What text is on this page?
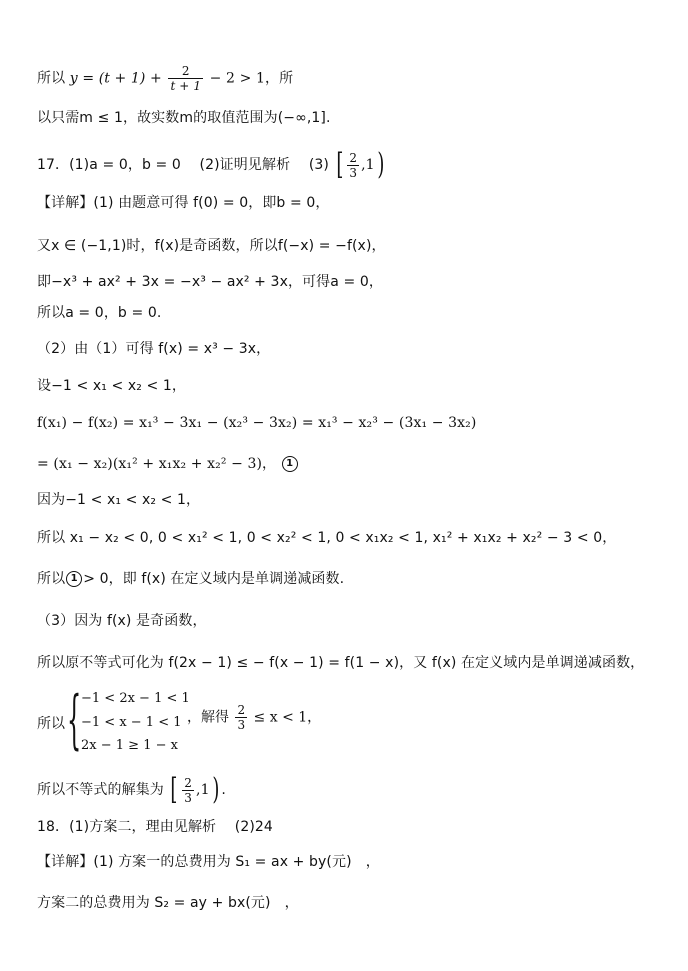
所以 $y = (t + 1) + \frac{2}{t + 1} - 2 > 1$，所
以只需m ≤ 1，故实数m的取值范围为(−∞,1].
17．(1)a = 0，b = 0　 (2)证明见解析　 (3) [ $\frac{2}{3} ,1$)
【详解】(1) 由题意可得 f(0) = 0，即b = 0，
又x ∈ (−1,1)时，f(x)是奇函数，所以f(−x) = −f(x)，
即−x³ + ax² + 3x = −x³ − ax² + 3x，可得a = 0，
所以a = 0，b = 0.
（2）由（1）可得 f(x) = x³ − 3x，
设−1 < x₁ < x₂ < 1，
f(x₁) − f(x₂) = x₁³ − 3x₁ − (x₂³ − 3x₂) = x₁³ − x₂³ − (3x₁ − 3x₂)
= (x₁ − x₂)(x₁² + x₁x₂ + x₂² − 3)， 1
因为−1 < x₁ < x₂ < 1，
所以 x₁ − x₂ < 0, 0 < x₁² < 1, 0 < x₂² < 1, 0 < x₁x₂ < 1, x₁² + x₁x₂ + x₂² − 3 < 0，
所以 1 > 0，即 f(x) 在定义域内是单调递减函数.
（3）因为 f(x) 是奇函数，
所以原不等式可化为 f(2x − 1) ≤ − f(x − 1) = f(1 − x)，又 f(x) 在定义域内是单调递减函数，
所以 { −1 < 2x − 1 < 1
−1 < x − 1 < 1
2x − 1 ≥ 1 − x
，解得 $\frac{2}{3} \le x < 1$，
所以不等式的解集为 [ $\frac{2}{3} ,1$) .
18．(1)方案二，理由见解析　 (2)24
【详解】(1) 方案一的总费用为 S₁ = ax + by(元)　，
方案二的总费用为 S₂ = ay + bx(元)　，
